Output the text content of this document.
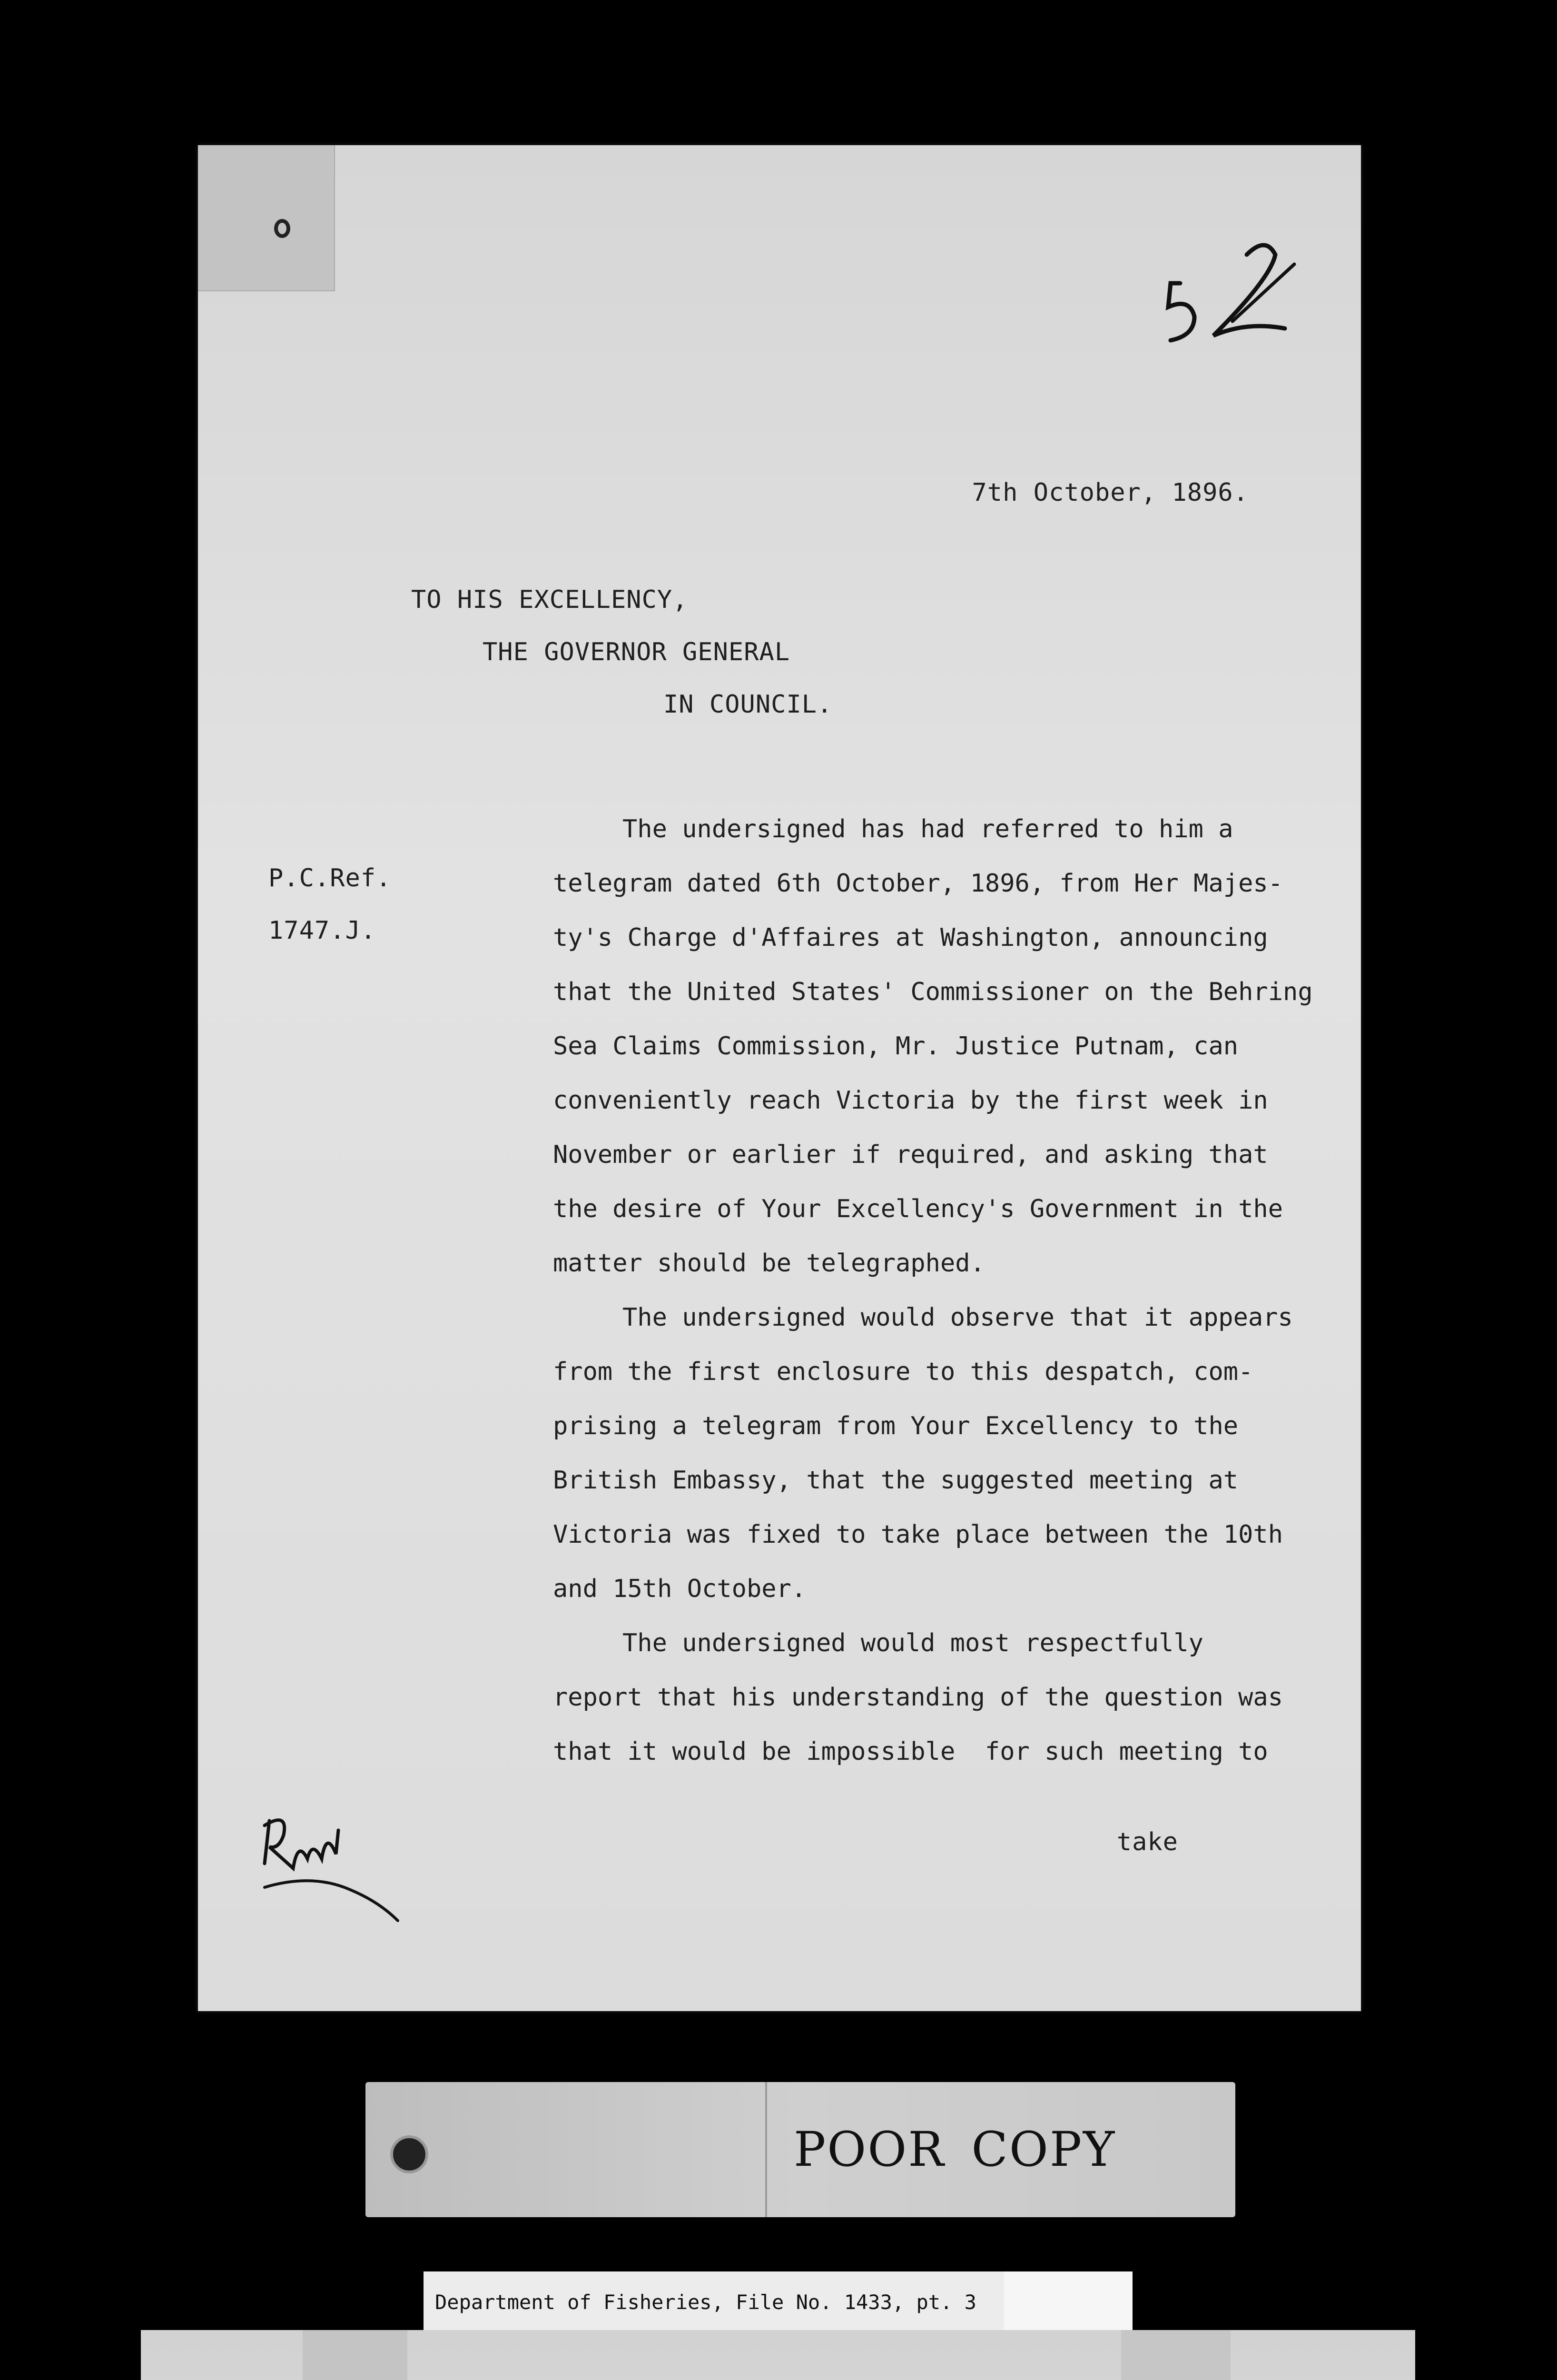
7th October, 1896.
TO HIS EXCELLENCY,
THE GOVERNOR GENERAL
IN COUNCIL.
P.C.Ref.
1747.J.
The undersigned has had referred to him a
telegram dated 6th October, 1896, from Her Majes-
ty's Charge d'Affaires at Washington, announcing
that the United States' Commissioner on the Behring
Sea Claims Commission, Mr. Justice Putnam, can
conveniently reach Victoria by the first week in
November or earlier if required, and asking that
the desire of Your Excellency's Government in the
matter should be telegraphed.
The undersigned would observe that it appears
from the first enclosure to this despatch, com-
prising a telegram from Your Excellency to the
British Embassy, that the suggested meeting at
Victoria was fixed to take place between the 10th
and 15th October.
The undersigned would most respectfully
report that his understanding of the question was
that it would be impossible  for such meeting to
take
POOR COPY
Department of Fisheries, File No. 1433, pt. 3
